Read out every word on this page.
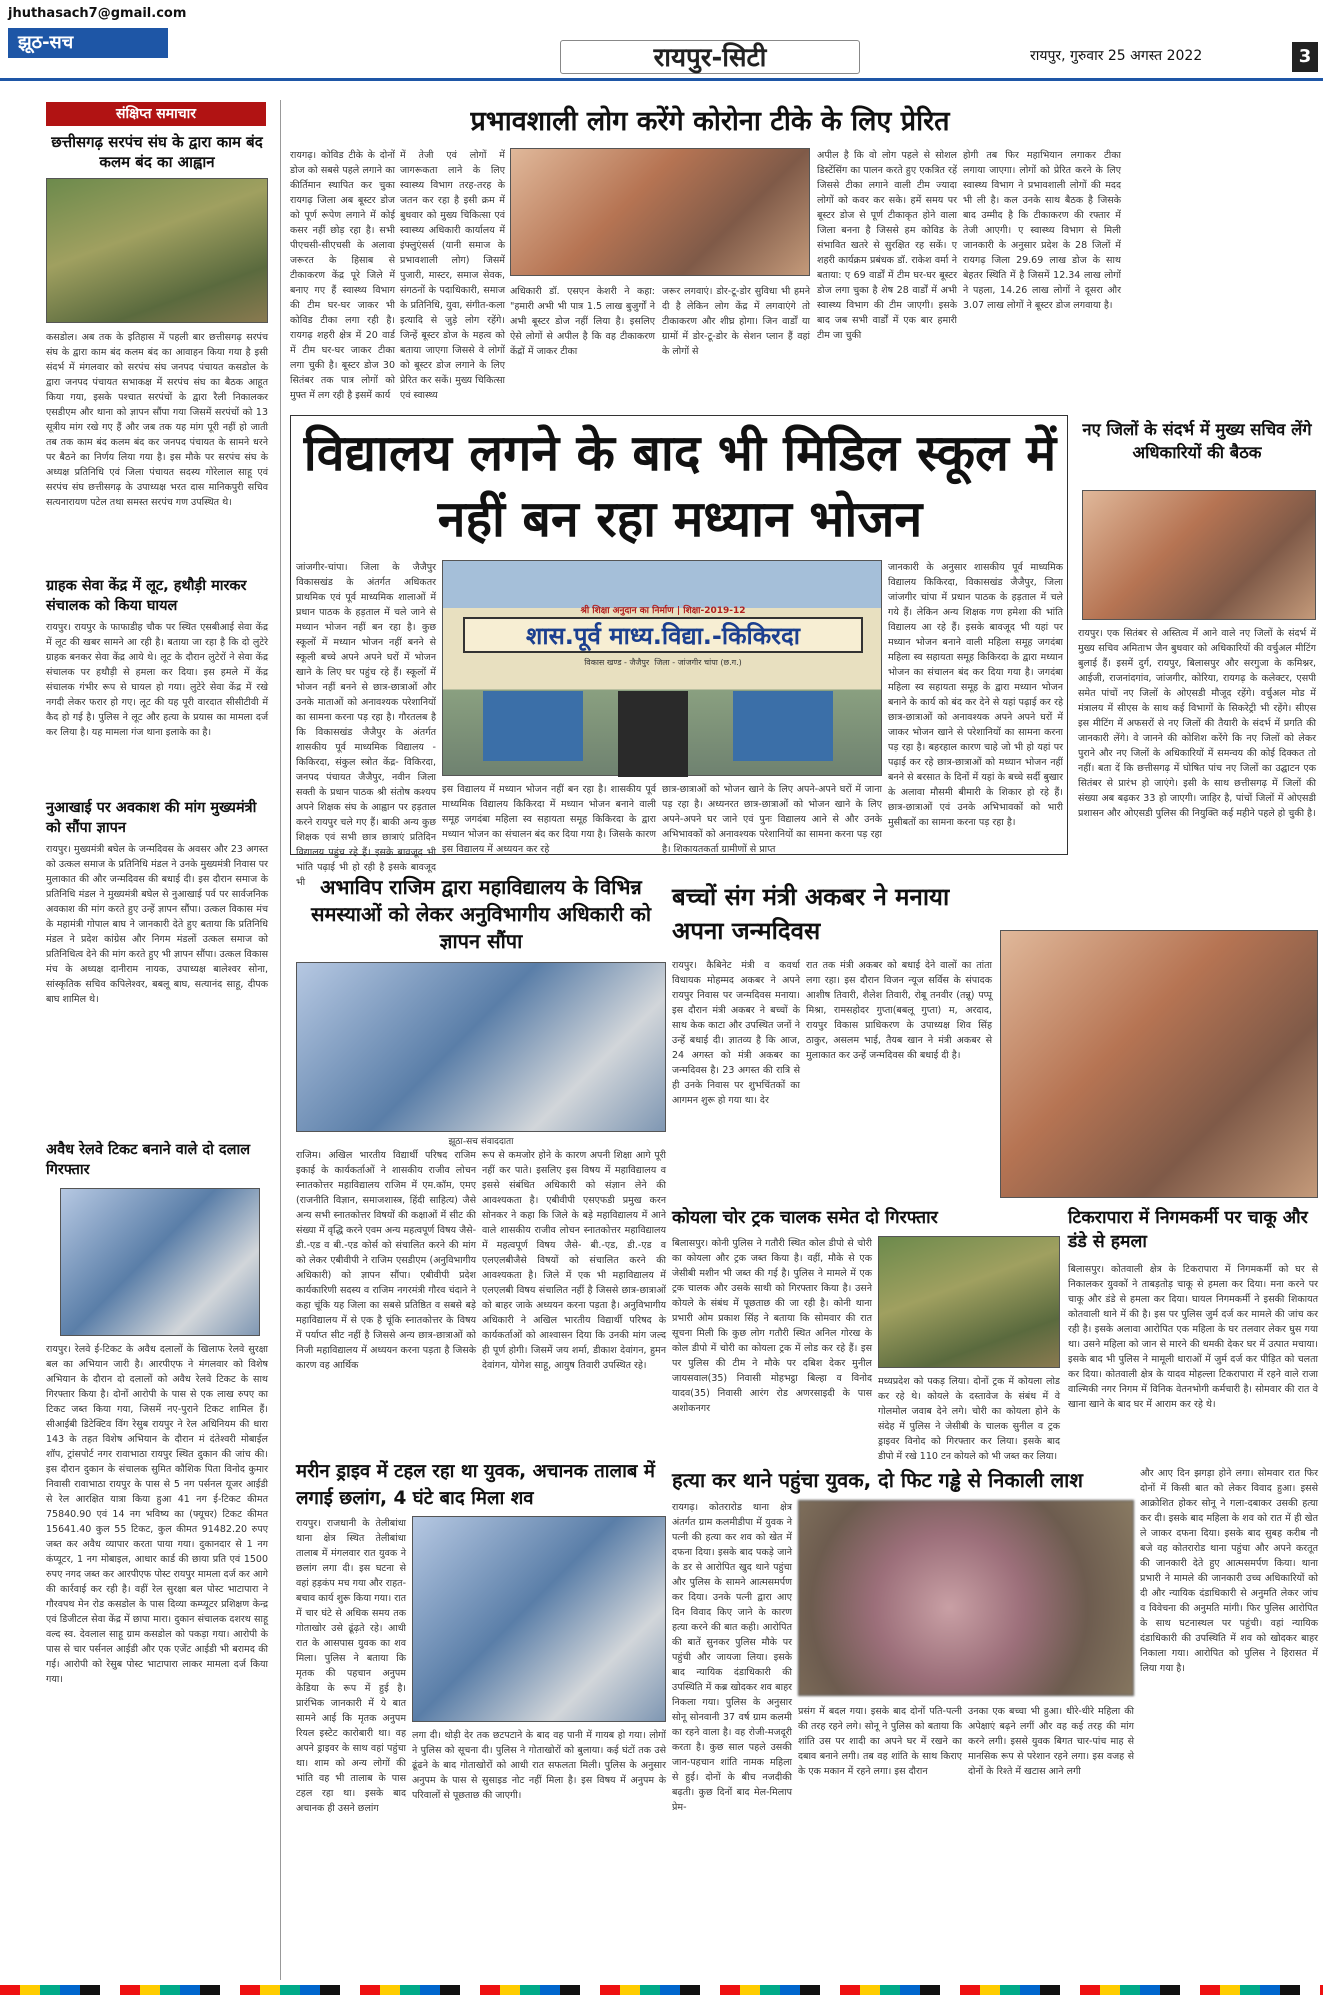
jhuthasach7@gmail.com
झूठ-सच
रायपुर-सिटी	रायपुर, गुरुवार 25 अगस्त 2022	3
संक्षिप्त समाचार
छत्तीसगढ़ सरपंच संघ के द्वारा काम बंद कलम बंद का आह्वान
कसडोल। अब तक के इतिहास में पहली बार छत्तीसगढ़ सरपंच संघ के द्वारा काम बंद कलम बंद का आवाहन किया गया है इसी संदर्भ में मंगलवार को सरपंच संघ जनपद पंचायत कसडोल के द्वारा जनपद पंचायत सभाकक्ष में सरपंच संघ का बैठक आहूत किया गया, इसके पश्चात सरपंचों के द्वारा रैली निकालकर एसडीएम और थाना को ज्ञापन सौंपा गया जिसमें सरपंचों को 13 सूत्रीय मांग रखे गए हैं और जब तक यह मांग पूरी नहीं हो जाती तब तक काम बंद कलम बंद कर जनपद पंचायत के सामने धरने पर बैठने का निर्णय लिया गया है। इस मौके पर सरपंच संघ के अध्यक्ष प्रतिनिधि एवं जिला पंचायत सदस्य गोरेलाल साहू एवं सरपंच संघ छत्तीसगढ़ के उपाध्यक्ष भरत दास मानिकपुरी सचिव सत्यनारायण पटेल तथा समस्त सरपंच गण उपस्थित थे।
ग्राहक सेवा केंद्र में लूट, हथौड़ी मारकर संचालक को किया घायल
रायपुर। रायपुर के फाफाडीह चौक पर स्थित एसबीआई सेवा केंद्र में लूट की खबर सामने आ रही है। बताया जा रहा है कि दो लुटेरे ग्राहक बनकर सेवा केंद्र आये थे। लूट के दौरान लुटेरों ने सेवा केंद्र संचालक पर हथौड़ी से हमला कर दिया। इस हमले में केंद्र संचालक गंभीर रूप से घायल हो गया। लुटेरे सेवा केंद्र में रखे नगदी लेकर फरार हो गए। लूट की यह पूरी वारदात सीसीटीवी में कैद हो गई है। पुलिस ने लूट और हत्या के प्रयास का मामला दर्ज कर लिया है। यह मामला गंज थाना इलाके का है।
नुआखाई पर अवकाश की मांग मुख्यमंत्री को सौंपा ज्ञापन
रायपुर। मुख्यमंत्री बघेल के जन्मदिवस के अवसर और 23 अगस्त को उत्कल समाज के प्रतिनिधि मंडल ने उनके मुख्यमंत्री निवास पर मुलाकात की और जन्मदिवस की बधाई दी। इस दौरान समाज के प्रतिनिधि मंडल ने मुख्यमंत्री बघेल से नुआखाई पर्व पर सार्वजनिक अवकाश की मांग करते हुए उन्हें ज्ञापन सौंपा। उत्कल विकास मंच के महामंत्री गोपाल बाघ ने जानकारी देते हुए बताया कि प्रतिनिधि मंडल ने प्रदेश कांग्रेस और निगम मंडलों उत्कल समाज को प्रतिनिधित्व देने की मांग करते हुए भी ज्ञापन सौंपा। उत्कल विकास मंच के अध्यक्ष दानीराम नायक, उपाध्यक्ष बालेश्वर सोना, सांस्कृतिक सचिव कपिलेश्वर, बबलू बाघ, सत्यानंद साहू, दीपक बाघ शामिल थे।
अवैध रेलवे टिकट बनाने वाले दो दलाल गिरफ्तार
रायपुर। रेलवे ई-टिकट के अवैध दलालों के खिलाफ रेलवे सुरक्षा बल का अभियान जारी है। आरपीएफ ने मंगलवार को विशेष अभियान के दौरान दो दलालों को अवैध रेलवे टिकट के साथ गिरफ्तार किया है। दोनों आरोपी के पास से एक लाख रुपए का टिकट जब्त किया गया, जिसमें नए-पुराने टिकट शामिल हैं। सीआईबी डिटेक्टिव विंग रेसुब रायपुर ने रेल अधिनियम की धारा 143 के तहत विशेष अभियान के दौरान मं दंतेश्वरी मोबाईल शॉप, ट्रांसपोर्ट नगर रावाभाठा रायपुर स्थित दुकान की जांच की। इस दौरान दुकान के संचालक सुमित कौशिक पिता विनोद कुमार निवासी रावाभाठा रायपुर के पास से 5 नग पर्सनल यूजर आईडी से रेल आरक्षित यात्रा किया हुआ 41 नग ई-टिकट कीमत 75840.90 एवं 14 नग भविष्य का (फ्यूचर) टिकट कीमत 15641.40 कुल 55 टिकट, कुल कीमत 91482.20 रुपए जब्त कर अवैध व्यापार करता पाया गया। दुकानदार से 1 नग कंप्यूटर, 1 नग मोबाइल, आधार कार्ड की छाया प्रति एवं 1500 रुपए नगद जब्त कर आरपीएफ पोस्ट रायपुर मामला दर्ज कर आगे की कार्रवाई कर रही है। वहीं रेल सुरक्षा बल पोस्ट भाटापारा ने गौरवपथ मेन रोड कसडोल के पास दिव्या कम्प्यूटर प्रशिक्षण केन्द्र एवं डिजीटल सेवा केंद्र में छापा मारा। दुकान संचालक दशरथ साहू वल्द स्व. देवलाल साहू ग्राम कसडोल को पकड़ा गया। आरोपी के पास से चार पर्सनल आईडी और एक एजेंट आईडी भी बरामद की गई। आरोपी को रेसुब पोस्ट भाटापारा लाकर मामला दर्ज किया गया।
प्रभावशाली लोग करेंगे कोरोना टीके के लिए प्रेरित
रायगढ़। कोविड टीके के दोनों डोज को सबसे पहले लगाने का कीर्तिमान स्थापित कर चुका रायगढ़ जिला अब बूस्टर डोज को पूर्ण रूपेण लगाने में कोई कसर नहीं छोड़ रहा है। सभी पीएचसी-सीएचसी के अलावा जरूरत के हिसाब से टीकाकरण केंद्र पूरे जिले में बनाए गए हैं स्वास्थ्य विभाग की टीम घर-घर जाकर भी कोविड टीका लगा रही है। रायगढ़ शहरी क्षेत्र में 20 वार्ड में टीम घर-घर जाकर टीका लगा चुकी है। बूस्टर डोज 30 सितंबर तक पात्र लोगों को मुफ्त में लग रही है इसमें कार्य
में तेजी एवं लोगों में जागरूकता लाने के लिए स्वास्थ्य विभाग तरह-तरह के जतन कर रहा है इसी क्रम में बुधवार को मुख्य चिकित्सा एवं स्वास्थ्य अधिकारी कार्यालय में इंफ्लुएंसर्स (यानी समाज के प्रभावशाली लोग) जिसमें पुजारी, मास्टर, समाज सेवक, संगठनों के पदाधिकारी, समाज के प्रतिनिधि, युवा, संगीत-कला इत्यादि से जुड़े लोग रहेंगे। जिन्हें बूस्टर डोज के महत्व को बताया जाएगा जिससे वे लोगों को बूस्टर डोज लगाने के लिए प्रेरित कर सकें। मुख्य चिकित्सा एवं स्वास्थ्य
अधिकारी डॉ. एसएन केशरी ने कहा: "हमारी अभी भी पात्र 1.5 लाख बुजुर्गों ने अभी बूस्टर डोज नहीं लिया है। इसलिए ऐसे लोगों से अपील है कि वह टीकाकरण केंद्रों में जाकर टीका
जरूर लगवाएं। डोर-टू-डोर सुविधा भी हमने दी है लेकिन लोग केंद्र में लगवाएंगे तो टीकाकरण और शीघ्र होगा। जिन वार्डों या ग्रामों में डोर-टू-डोर के सेशन प्लान हैं वहां के लोगों से
अपील है कि वो लोग पहले से सोशल डिस्टेंसिंग का पालन करते हुए एकत्रित रहें जिससे टीका लगाने वाली टीम ज्यादा लोगों को कवर कर सके। हमें समय पर बूस्टर डोज से पूर्ण टीकाकृत होने वाला जिला बनना है जिससे हम कोविड के संभावित खतरे से सुरक्षित रह सकें। ए शहरी कार्यक्रम प्रबंधक डॉ. राकेश वर्मा ने बताया: ए 69 वार्डों में टीम घर-घर बूस्टर डोज लगा चुका है शेष 28 वार्डों में अभी स्वास्थ्य विभाग की टीम जाएगी। इसके बाद जब सभी वार्डों में एक बार हमारी टीम जा चुकी
होगी तब फिर महाभियान लगाकर टीका लगाया जाएगा। लोगों को प्रेरित करने के लिए स्वास्थ्य विभाग ने प्रभावशाली लोगों की मदद भी ली है। कल उनके साथ बैठक है जिसके बाद उम्मीद है कि टीकाकरण की रफ्तार में तेजी आएगी। ए स्वास्थ्य विभाग से मिली जानकारी के अनुसार प्रदेश के 28 जिलों में रायगढ़ जिला 29.69 लाख डोज के साथ बेहतर स्थिति में है जिसमें 12.34 लाख लोगों ने पहला, 14.26 लाख लोगों ने दूसरा और 3.07 लाख लोगों ने बूस्टर डोज लगवाया है।
विद्यालय लगने के बाद भी मिडिल स्कूल में नहीं बन रहा मध्यान भोजन
जांजगीर-चांपा। जिला के जैजैपुर विकासखंड के अंतर्गत अधिकतर प्राथमिक एवं पूर्व माध्यमिक शालाओं में प्रधान पाठक के हड़ताल में चले जाने से मध्यान भोजन नहीं बन रहा है। कुछ स्कूलों में मध्यान भोजन नहीं बनने से स्कूली बच्चे अपने अपने घरों में भोजन खाने के लिए घर पहुंच रहे हैं। स्कूलों में भोजन नहीं बनने से छात्र-छात्राओं और उनके माताओं को अनावश्यक परेशानियों का सामना करना पड़ रहा है। गौरतलब है कि विकासखंड जैजैपुर के अंतर्गत शासकीय पूर्व माध्यमिक विद्यालय - किकिरदा, संकुल स्त्रोत केंद्र- विकिरदा, जनपद पंचायत जैजैपुर, नवीन जिला सक्ती के प्रधान पाठक श्री संतोष कश्यप अपने शिक्षक संघ के आह्वान पर हड़ताल करने रायपुर चले गए हैं। बाकी अन्य कुछ शिक्षक एवं सभी छात्र छात्राएं प्रतिदिन विद्यालय पहुंच रहे हैं। इसके बावजूद भी भांति पढ़ाई भी हो रही है इसके बावजूद भी
श्री शिक्षा अनुदान का निर्माण | शिक्षा-2019-12
शास.पूर्व माध्य.विद्या.-किकिरदा
विकास खण्ड - जैजैपुर ‌ जिला - जांजगीर चांपा (छ.ग.)
इस विद्यालय में मध्यान भोजन नहीं बन रहा है। शासकीय पूर्व माध्यमिक विद्यालय किकिरदा में मध्यान भोजन बनाने वाली समूह जगदंबा महिला स्व सहायता समूह किकिरदा के द्वारा मध्यान भोजन का संचालन बंद कर दिया गया है। जिसके कारण इस विद्यालय में अध्ययन कर रहे
छात्र-छात्राओं को भोजन खाने के लिए अपने-अपने घरों में जाना पड़ रहा है। अध्यनरत छात्र-छात्राओं को भोजन खाने के लिए अपने-अपने घर जाने एवं पुनः विद्यालय आने से और उनके अभिभावकों को अनावश्यक परेशानियों का सामना करना पड़ रहा है। शिकायतकर्ता ग्रामीणों से प्राप्त
जानकारी के अनुसार शासकीय पूर्व माध्यमिक विद्यालय किकिरदा, विकासखंड जैजैपुर, जिला जांजगीर चांपा में प्रधान पाठक के हड़ताल में चले गये हैं। लेकिन अन्य शिक्षक गण हमेशा की भांति विद्यालय आ रहे हैं। इसके बावजूद भी यहां पर मध्यान भोजन बनाने वाली महिला समूह जगदंबा महिला स्व सहायता समूह किकिरदा के द्वारा मध्यान भोजन का संचालन बंद कर दिया गया है। जगदंबा महिला स्व सहायता समूह के द्वारा मध्यान भोजन बनाने के कार्य को बंद कर देने से यहां पढ़ाई कर रहे छात्र-छात्राओं को अनावश्यक अपने अपने घरों में जाकर भोजन खाने से परेशानियों का सामना करना पड़ रहा है। बहरहाल कारण चाहे जो भी हो यहां पर पढ़ाई कर रहे छात्र-छात्राओं को मध्यान भोजन नहीं बनने से बरसात के दिनों में यहां के बच्चे सर्दी बुखार के अलावा मौसमी बीमारी के शिकार हो रहे हैं। छात्र-छात्राओं एवं उनके अभिभावकों को भारी मुसीबतों का सामना करना पड़ रहा है।
नए जिलों के संदर्भ में मुख्य सचिव लेंगे अधिकारियों की बैठक
रायपुर। एक सितंबर से अस्तित्व में आने वाले नए जिलों के संदर्भ में मुख्य सचिव अमिताभ जैन बुधवार को अधिकारियों की वर्चुअल मीटिंग बुलाई हैं। इसमें दुर्ग, रायपुर, बिलासपुर और सरगुजा के कमिश्नर, आईजी, राजनांदगांव, जांजगीर, कोरिया, रायगढ़ के कलेक्टर, एसपी समेत पांचों नए जिलों के ओएसडी मौजूद रहेंगे। वर्चुअल मोड में मंत्रालय में सीएस के साथ कई विभागों के सिकरेट्री भी रहेंगे। सीएस इस मीटिंग में अफसरों से नए जिलों की तैयारी के संदर्भ में प्रगति की जानकारी लेंगे। वे जानने की कोशिश करेंगे कि नए जिलों को लेकर पुराने और नए जिलों के अधिकारियों में समन्वय की कोई दिक्कत तो नहीं। बता दें कि छत्तीसगढ़ में घोषित पांच नए जिलों का उद्घाटन एक सितंबर से प्रारंभ हो जाएंगे। इसी के साथ छत्तीसगढ़ में जिलों की संख्या अब बढ़कर 33 हो जाएगी। जाहिर है, पांचों जिलों में ओएसडी प्रशासन और ओएसडी पुलिस की नियुक्ति कई महीने पहले हो चुकी है।
अभाविप राजिम द्वारा महाविद्यालय के विभिन्न समस्याओं को लेकर अनुविभागीय अधिकारी को ज्ञापन सौंपा
झूठा-सच संवाददाता
राजिम। अखिल भारतीय विद्यार्थी परिषद राजिम इकाई के कार्यकर्ताओं ने शासकीय राजीव लोचन स्नातकोत्तर महाविद्यालय राजिम में एम.कॉम, एमए (राजनीति विज्ञान, समाजशास्त्र, हिंदी साहित्य) जैसे अन्य सभी स्नातकोत्तर विषयों की कक्षाओं में सीट की संख्या में वृद्धि करने एवम अन्य महत्वपूर्ण विषय जैसे- डी.-एड व बी.-एड कोर्स को संचालित करने की मांग को लेकर एबीवीपी ने राजिम एसडीएम (अनुविभागीय अधिकारी) को ज्ञापन सौंपा। एबीवीपी प्रदेश कार्यकारिणी सदस्य व राजिम नगरमंत्री गौरव चंदाने ने कहा चूंकि यह जिला का सबसे प्रतिष्ठित व सबसे बड़े महाविद्यालय में से एक है चूंकि स्नातकोत्तर के विषय में पर्याप्त सीट नहीं है जिससे अन्य छात्र-छात्राओं को निजी महाविद्यालय में अध्ययन करना पड़ता है जिसके कारण वह आर्थिक
रूप से कमजोर होने के कारण अपनी शिक्षा आगे पूरी नहीं कर पाते। इसलिए इस विषय में महाविद्यालय व इससे संबंधित अधिकारी को संज्ञान लेने की आवश्यकता है। एबीवीपी एसएफडी प्रमुख करन सोनकर ने कहा कि जिले के बड़े महाविद्यालय में आने वाले शासकीय राजीव लोचन स्नातकोत्तर महाविद्यालय में महत्वपूर्ण विषय जैसे- बी.-एड, डी.-एड व एलएलबीजैसे विषयों को संचालित करने की आवश्यकता है। जिले में एक भी महाविद्यालय में एलएलबी विषय संचालित नहीं है जिससे छात्र-छात्राओं को बाहर जाके अध्ययन करना पड़ता है। अनुविभागीय अधिकारी ने अखिल भारतीय विद्यार्थी परिषद के कार्यकर्ताओं को आश्वासन दिया कि उनकी मांग जल्द ही पूर्ण होगी। जिसमें जय शर्मा, डीकाश देवांगन, हुमन देवांगन, योगेश साहू, आयुष तिवारी उपस्थित रहे।
बच्चों संग मंत्री अकबर ने मनाया अपना जन्मदिवस
रायपुर। कैबिनेट मंत्री व कवर्धा विधायक मोहम्मद अकबर ने अपने रायपुर निवास पर जन्मदिवस मनाया। इस दौरान मंत्री अकबर ने बच्चों के साथ केक काटा और उपस्थित जनों ने उन्हें बधाई दी। ज्ञातव्य है कि आज, 24 अगस्त को मंत्री अकबर का जन्मदिवस है। 23 अगस्त की रात्रि से ही उनके निवास पर शुभचिंतकों का आगमन शुरू हो गया था। देर
रात तक मंत्री अकबर को बधाई देने वालों का तांता लगा रहा। इस दौरान विजन न्यूज सर्विस के संपादक आशीष तिवारी, शैलेश तिवारी, रोबू तनवीर (तन्नू) पप्पू मिश्रा, रामसहोदर गुप्ता(बबलू गुप्ता) म, अरदाद, रायपुर विकास प्राधिकरण के उपाध्यक्ष शिव सिंह ठाकुर, असलम भाई, तैयब खान ने मंत्री अकबर से मुलाकात कर उन्हें जन्मदिवस की बधाई दी है।
कोयला चोर ट्रक चालक समेत दो गिरफ्तार
बिलासपुर। कोनी पुलिस ने गतौरी स्थित कोल डीपो से चोरी का कोयला और ट्रक जब्त किया है। वहीं, मौके से एक जेसीबी मशीन भी जब्त की गई है। पुलिस ने मामले में एक ट्रक चालक और उसके साथी को गिरफ्तार किया है। उसने कोयले के संबंध में पूछताछ की जा रही है। कोनी थाना प्रभारी ओम प्रकाश सिंह ने बताया कि सोमवार की रात सूचना मिली कि कुछ लोग गतौरी स्थित अनिल गोरख के कोल डीपो में चोरी का कोयला ट्रक में लोड कर रहे हैं। इस पर पुलिस की टीम ने मौके पर दबिश देकर मुनील जायसवाल(35) निवासी मोहभट्ठा बिल्हा व विनोद यादव(35) निवासी आरंग रोड अणरसाइदी के पास अशोकनगर
मध्यप्रदेश को पकड़ लिया। दोनों ट्रक में कोयला लोड कर रहे थे। कोयले के दस्तावेज के संबंध में वे गोलमोल जवाब देने लगे। चोरी का कोयला होने के संदेह में पुलिस ने जेसीबी के चालक सुनील व ट्रक ड्राइवर विनोद को गिरफ्तार कर लिया। इसके बाद डीपो में रखे 110 टन कोयले को भी जब्त कर लिया।
टिकरापारा में निगमकर्मी पर चाकू और डंडे से हमला
बिलासपुर। कोतवाली क्षेत्र के टिकरापारा में निगमकर्मी को घर से निकालकर युवकों ने ताबड़तोड़ चाकू से हमला कर दिया। मना करने पर चाकू और डंडे से हमला कर दिया। घायल निगमकर्मी ने इसकी शिकायत कोतवाली थाने में की है। इस पर पुलिस जुर्म दर्ज कर मामले की जांच कर रही है। इसके अलावा आरोपित एक महिला के घर तलवार लेकर घुस गया था। उसने महिला को जान से मारने की धमकी देकर घर में उत्पात मचाया। इसके बाद भी पुलिस ने मामूली धाराओं में जुर्म दर्ज कर पीड़ित को चलता कर दिया। कोतवाली क्षेत्र के यादव मोहल्ला टिकरापारा में रहने वाले राजा वाल्मिकी नगर निगम में विनिक वेतनभोगी कर्मचारी है। सोमवार की रात वे खाना खाने के बाद घर में आराम कर रहे थे।
मरीन ड्राइव में टहल रहा था युवक, अचानक तालाब में लगाई छलांग, 4 घंटे बाद मिला शव
रायपुर। राजधानी के तेलीबांधा थाना क्षेत्र स्थित तेलीबांधा तालाब में मंगलवार रात युवक ने छलांग लगा दी। इस घटना से वहां हड़कंप मच गया और राहत-बचाव कार्य शुरू किया गया। रात में चार घंटे से अधिक समय तक गोताखोर उसे ढूंढ़ते रहे। आधी रात के आसपास युवक का शव मिला। पुलिस ने बताया कि मृतक की पहचान अनुपम केडिया के रूप में हुई है। प्रारंभिक जानकारी में ये बात सामने आई कि मृतक अनुपम रियल इस्टेट कारोबारी था। वह अपने ड्राइवर के साथ वहां पहुंचा था। शाम को अन्य लोगों की भांति वह भी तालाब के पास टहल रहा था। इसके बाद अचानक ही उसने छलांग
लगा दी। थोड़ी देर तक छटपटाने के बाद वह पानी में गायब हो गया। लोगों ने पुलिस को सूचना दी। पुलिस ने गोताखोरों को बुलाया। कई घंटों तक उसे ढूंढने के बाद गोताखोरों को आधी रात सफलता मिली। पुलिस के अनुसार अनुपम के पास से सुसाइड नोट नहीं मिला है। इस विषय में अनुपम के परिवालों से पूछताछ की जाएगी।
हत्या कर थाने पहुंचा युवक, दो फिट गड्ढे से निकाली लाश
रायगढ़। कोतरारोड थाना क्षेत्र अंतर्गत ग्राम कलमीडीपा में युवक ने पत्नी की हत्या कर शव को खेत में दफना दिया। इसके बाद पकड़े जाने के डर से आरोपित खुद थाने पहुंचा और पुलिस के सामने आत्मसमर्पण कर दिया। उनके पत्नी द्वारा आए दिन विवाद किए जाने के कारण हत्या करने की बात कही। आरोपित की बातें सुनकर पुलिस मौके पर पहुंची और जायजा लिया। इसके बाद न्यायिक दंडाधिकारी की उपस्थिति में कब्र खोदकर शव बाहर निकला गया। पुलिस के अनुसार सोनू सोनवानी 37 वर्ष ग्राम कलमी का रहने वाला है। वह रोजी-मजदूरी करता है। कुछ साल पहले उसकी जान-पहचान शांति नामक महिला से हुई। दोनों के बीच नजदीकी बढ़ती। कुछ दिनों बाद मेल-मिलाप प्रेम-
प्रसंग में बदल गया। इसके बाद दोनों पति-पत्नी की तरह रहने लगे। सोनू ने पुलिस को बताया कि शांति उस पर शादी का अपने घर में रखने का दबाव बनाने लगी। तब वह शांति के साथ किराए के एक मकान में रहने लगा। इस दौरान
उनका एक बच्चा भी हुआ। धीरे-धीरे महिला की अपेक्षाएं बढ़ने लगीं और वह कई तरह की मांग करने लगी। इससे युवक बिगत चार-पांच माह से मानसिक रूप से परेशान रहने लगा। इस वजह से दोनों के रिश्ते में खटास आने लगी
और आए दिन झगड़ा होने लगा। सोमवार रात फिर दोनों में किसी बात को लेकर विवाद हुआ। इससे आक्रोशित होकर सोनू ने गला-दबाकर उसकी हत्या कर दी। इसके बाद महिला के शव को रात में ही खेत ले जाकर दफना दिया। इसके बाद सुबह करीब नौ बजे वह कोतरारोड थाना पहुंचा और अपने करतूत की जानकारी देते हुए आत्मसमर्पण किया। थाना प्रभारी ने मामले की जानकारी उच्च अधिकारियों को दी और न्यायिक दंडाधिकारी से अनुमति लेकर जांच व विवेचना की अनुमति मांगी। फिर पुलिस आरोपित के साथ घटनास्थल पर पहुंची। वहां न्यायिक दंडाधिकारी की उपस्थिति में शव को खोदकर बाहर निकाला गया। आरोपित को पुलिस ने हिरासत में लिया गया है।
